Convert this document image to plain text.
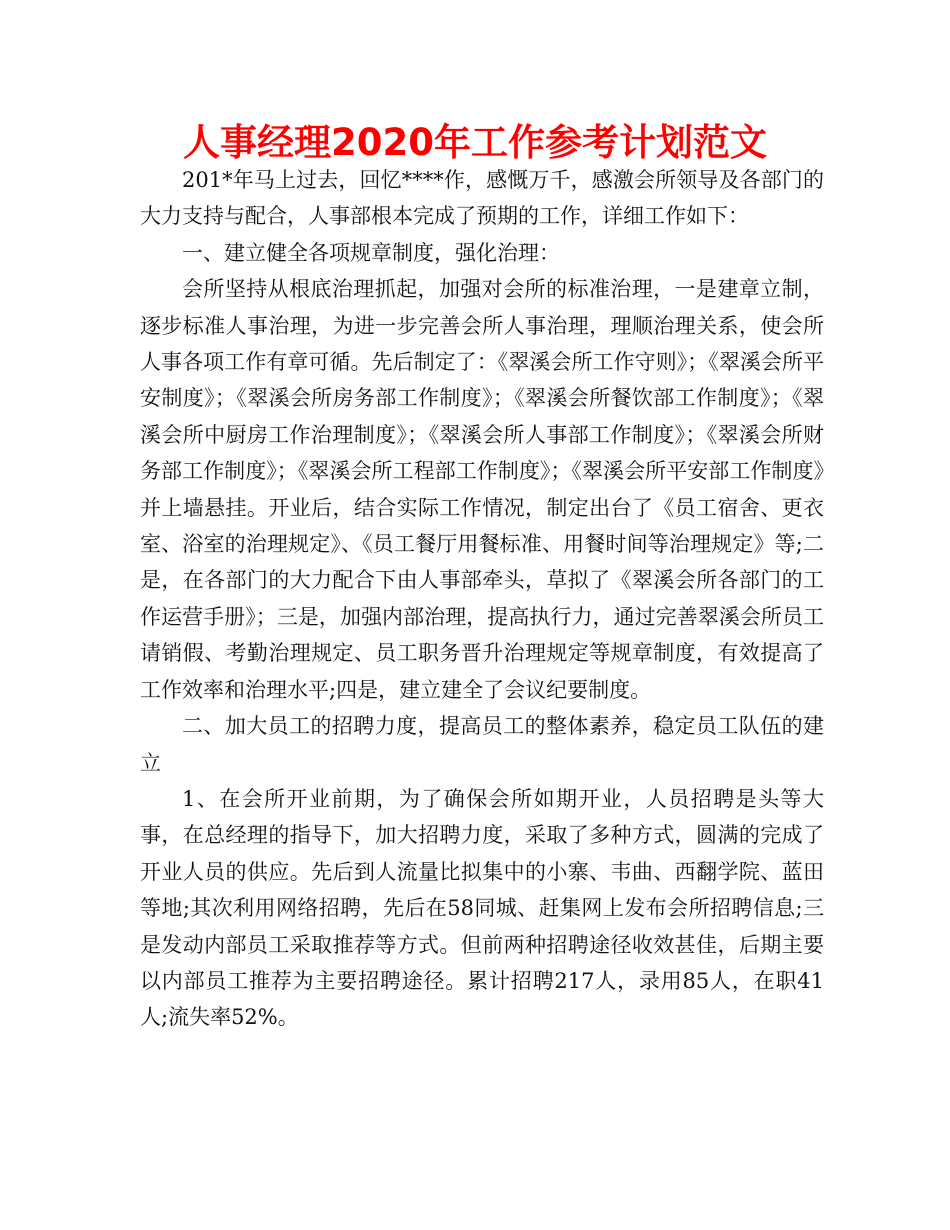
人事经理2020年工作参考计划范文

201*年马上过去，回忆****作，感慨万千，感激会所领导及各部门的大力支持与配合，人事部根本完成了预期的工作，详细工作如下：

一、建立健全各项规章制度，强化治理：

会所坚持从根底治理抓起，加强对会所的标准治理，一是建章立制，逐步标准人事治理，为进一步完善会所人事治理，理顺治理关系，使会所人事各项工作有章可循。先后制定了：《翠溪会所工作守则》；《翠溪会所平安制度》；《翠溪会所房务部工作制度》；《翠溪会所餐饮部工作制度》；《翠溪会所中厨房工作治理制度》；《翠溪会所人事部工作制度》；《翠溪会所财务部工作制度》；《翠溪会所工程部工作制度》；《翠溪会所平安部工作制度》并上墙悬挂。开业后，结合实际工作情况，制定出台了《员工宿舍、更衣室、浴室的治理规定》、《员工餐厅用餐标准、用餐时间等治理规定》等;二是，在各部门的大力配合下由人事部牵头，草拟了《翠溪会所各部门的工作运营手册》；三是，加强内部治理，提高执行力，通过完善翠溪会所员工请销假、考勤治理规定、员工职务晋升治理规定等规章制度，有效提高了工作效率和治理水平;四是，建立建全了会议纪要制度。

二、加大员工的招聘力度，提高员工的整体素养，稳定员工队伍的建立

1、在会所开业前期，为了确保会所如期开业，人员招聘是头等大事，在总经理的指导下，加大招聘力度，采取了多种方式，圆满的完成了开业人员的供应。先后到人流量比拟集中的小寨、韦曲、西翻学院、蓝田等地;其次利用网络招聘，先后在58同城、赶集网上发布会所招聘信息;三是发动内部员工采取推荐等方式。但前两种招聘途径收效甚佳，后期主要以内部员工推荐为主要招聘途径。累计招聘217人，录用85人，在职41人;流失率52%。
